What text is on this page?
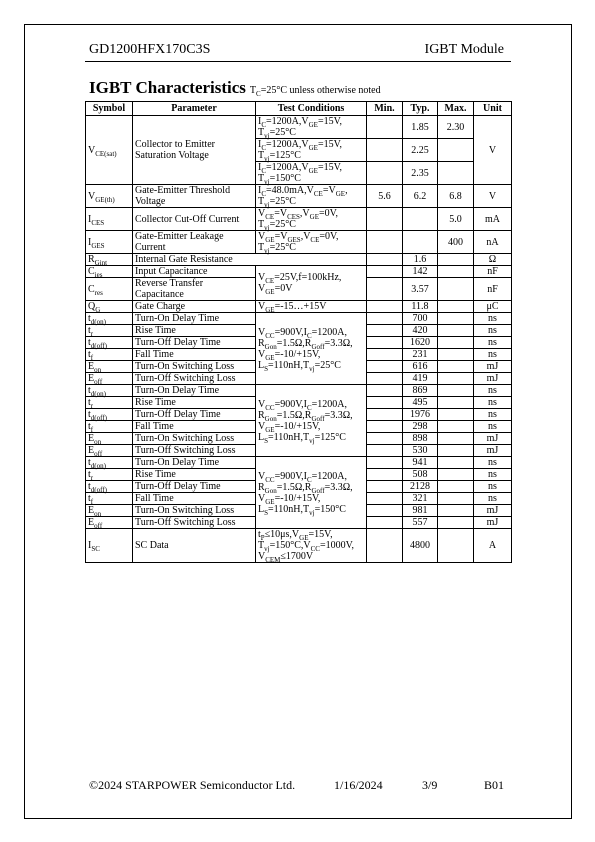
GD1200HFX170C3S	IGBT Module
IGBT Characteristics $T_C=25^\circ C$ unless otherwise noted
Symbol	Parameter	Test Conditions	Min.	Typ.	Max.	Unit
$V_{CE(sat)}$	Collector to Emitter Saturation Voltage	$I_C=1200A,V_{GE}=15V$, $T_{vj}=25^\circ C$		1.85	2.30	V
		$I_C=1200A,V_{GE}=15V$, $T_{vj}=125^\circ C$		2.25		
		$I_C=1200A,V_{GE}=15V$, $T_{vj}=150^\circ C$		2.35		
$V_{GE(th)}$	Gate-Emitter Threshold Voltage	$I_C=48.0mA,V_{CE}=V_{GE}$, $T_{vj}=25^\circ C$	5.6	6.2	6.8	V
$I_{CES}$	Collector Cut-Off Current	$V_{CE}=V_{CES},V_{GE}=0V$, $T_{vj}=25^\circ C$			5.0	mA
$I_{GES}$	Gate-Emitter Leakage Current	$V_{GE}=V_{GES},V_{CE}=0V$, $T_{vj}=25^\circ C$			400	nA
$R_{Gint}$	Internal Gate Resistance			1.6		Ω
$C_{ies}$	Input Capacitance	$V_{CE}=25V,f=100kHz$, $V_{GE}=0V$		142		nF
$C_{res}$	Reverse Transfer Capacitance			3.57		nF
$Q_G$	Gate Charge	$V_{GE}=-15\dots+15V$		11.8		μC
$t_{d(on)}$	Turn-On Delay Time	$V_{CC}=900V,I_C=1200A$, $R_{Gon}=1.5\Omega,R_{Goff}=3.3\Omega$, $V_{GE}=-10/+15V$, $L_S=110nH,T_{vj}=25^\circ C$		700		ns
$t_r$	Rise Time			420		ns
$t_{d(off)}$	Turn-Off Delay Time			1620		ns
$t_f$	Fall Time			231		ns
$E_{on}$	Turn-On Switching Loss			616		mJ
$E_{off}$	Turn-Off Switching Loss			419		mJ
$t_{d(on)}$	Turn-On Delay Time	$V_{CC}=900V,I_C=1200A$, $R_{Gon}=1.5\Omega,R_{Goff}=3.3\Omega$, $V_{GE}=-10/+15V$, $L_S=110nH,T_{vj}=125^\circ C$		869		ns
$t_r$	Rise Time			495		ns
$t_{d(off)}$	Turn-Off Delay Time			1976		ns
$t_f$	Fall Time			298		ns
$E_{on}$	Turn-On Switching Loss			898		mJ
$E_{off}$	Turn-Off Switching Loss			530		mJ
$t_{d(on)}$	Turn-On Delay Time	$V_{CC}=900V,I_C=1200A$, $R_{Gon}=1.5\Omega,R_{Goff}=3.3\Omega$, $V_{GE}=-10/+15V$, $L_S=110nH,T_{vj}=150^\circ C$		941		ns
$t_r$	Rise Time			508		ns
$t_{d(off)}$	Turn-Off Delay Time			2128		ns
$t_f$	Fall Time			321		ns
$E_{on}$	Turn-On Switching Loss			981		mJ
$E_{off}$	Turn-Off Switching Loss			557		mJ
$I_{SC}$	SC Data	$t_P\le 10\mu s,V_{GE}=15V$, $T_{vj}=150^\circ C,V_{CC}=1000V$, $V_{CEM}\le 1700V$		4800		A
©2024 STARPOWER Semiconductor Ltd.	1/16/2024	3/9	B01
